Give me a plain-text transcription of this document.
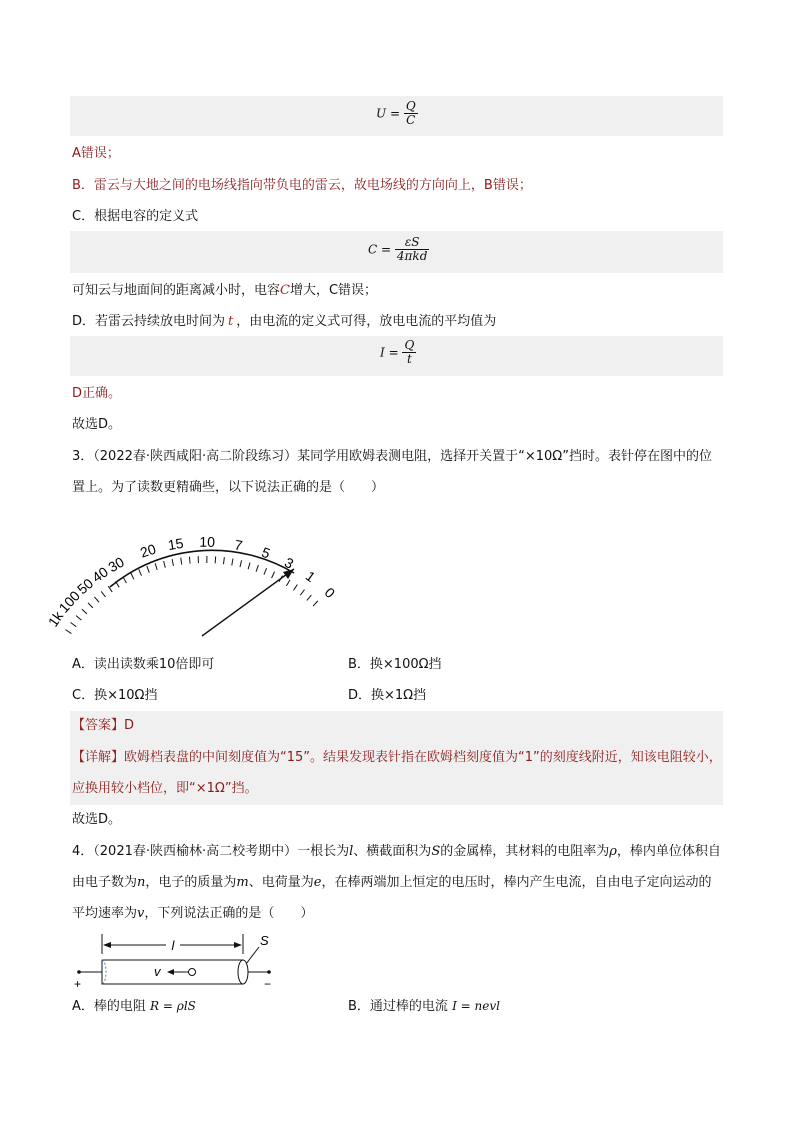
$U = \frac{Q}{C}$
A错误；
B．雷云与大地之间的电场线指向带负电的雷云，故电场线的方向向上，B错误；
C．根据电容的定义式
$C = \frac{\varepsilon S}{\text{4πkd}}$
可知云与地面间的距离减小时，电容C增大，C错误；
D．若雷云持续放电时间为 t ，由电流的定义式可得，放电电流的平均值为
$I = \frac{Q}{t}$
D正确。
故选D。
3．（2022春·陕西咸阳·高二阶段练习）某同学用欧姆表测电阻，选择开关置于“×10Ω”挡时。表针停在图中的位置上。为了读数更精确些，以下说法正确的是（　　）
1k
100
50
40
30
20 15 10 7 5
3
1
0
A．读出读数乘10倍即可	B．换×100Ω挡
C．换×10Ω挡	D．换×1Ω挡
【答案】D
【详解】欧姆档表盘的中间刻度值为“15”。结果发现表针指在欧姆档刻度值为“1”的刻度线附近，知该电阻较小，应换用较小档位，即“×1Ω”挡。
故选D。
4．（2021春·陕西榆林·高二校考期中）一根长为l、横截面积为S的金属棒，其材料的电阻率为ρ，棒内单位体积自由电子数为n，电子的质量为m、电荷量为e，在棒两端加上恒定的电压时，棒内产生电流，自由电子定向运动的平均速率为v，下列说法正确的是（　　）
l	S
+	−
v
A．棒的电阻 R = ρlS	B．通过棒的电流 I = nevl
